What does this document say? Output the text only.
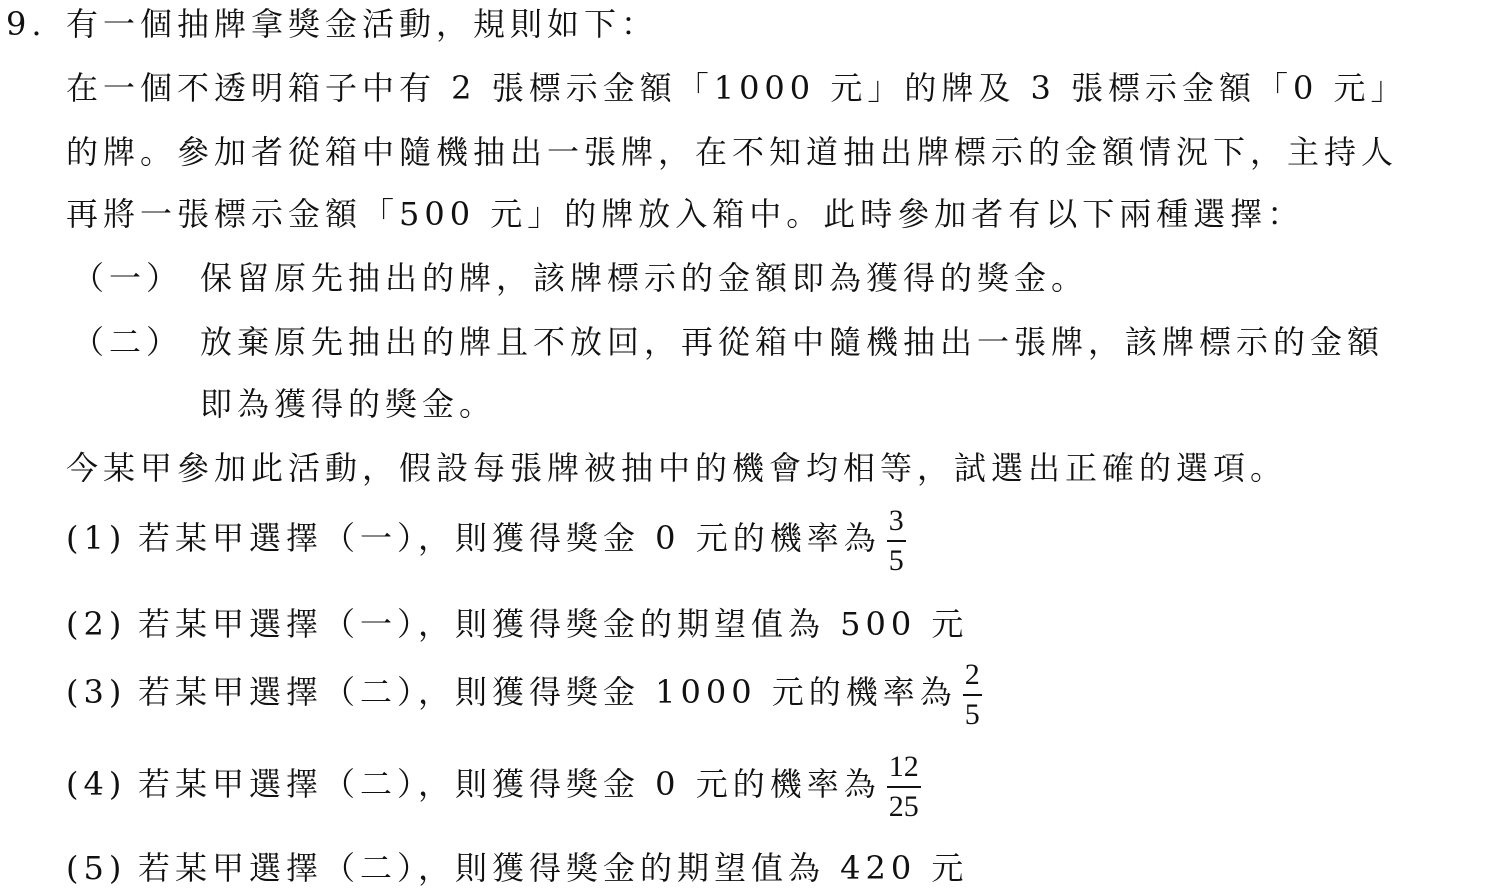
9. 有一個抽牌拿獎金活動，規則如下：
在一個不透明箱子中有 2 張標示金額「1000 元」的牌及 3 張標示金額「0 元」
的牌。參加者從箱中隨機抽出一張牌，在不知道抽出牌標示的金額情況下，主持人
再將一張標示金額「500 元」的牌放入箱中。此時參加者有以下兩種選擇：
（一） 保留原先抽出的牌，該牌標示的金額即為獲得的獎金。
（二） 放棄原先抽出的牌且不放回，再從箱中隨機抽出一張牌，該牌標示的金額
即為獲得的獎金。
今某甲參加此活動，假設每張牌被抽中的機會均相等，試選出正確的選項。
(1) 若某甲選擇（一），則獲得獎金 0 元的機率為 $\frac{3}{5}$
(2) 若某甲選擇（一），則獲得獎金的期望值為 500 元
(3) 若某甲選擇（二），則獲得獎金 1000 元的機率為 $\frac{2}{5}$
(4) 若某甲選擇（二），則獲得獎金 0 元的機率為 $\frac{12}{25}$
(5) 若某甲選擇（二），則獲得獎金的期望值為 420 元
